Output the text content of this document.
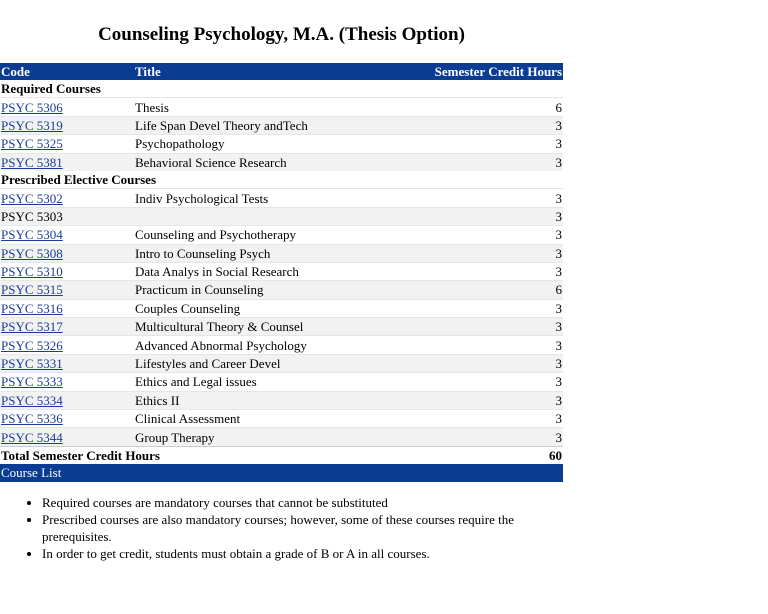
Counseling Psychology, M.A. (Thesis Option)
Code	Title	Semester Credit Hours
Required Courses		
PSYC 5306	Thesis	6
PSYC 5319	Life Span Devel Theory andTech	3
PSYC 5325	Psychopathology	3
PSYC 5381	Behavioral Science Research	3
Prescribed Elective Courses		
PSYC 5302	Indiv Psychological Tests	3
PSYC 5303		3
PSYC 5304	Counseling and Psychotherapy	3
PSYC 5308	Intro to Counseling Psych	3
PSYC 5310	Data Analys in Social Research	3
PSYC 5315	Practicum in Counseling	6
PSYC 5316	Couples Counseling	3
PSYC 5317	Multicultural Theory & Counsel	3
PSYC 5326	Advanced Abnormal Psychology	3
PSYC 5331	Lifestyles and Career Devel	3
PSYC 5333	Ethics and Legal issues	3
PSYC 5334	Ethics II	3
PSYC 5336	Clinical Assessment	3
PSYC 5344	Group Therapy	3
Total Semester Credit Hours		60
Course List		
• Required courses are mandatory courses that cannot be substituted
• Prescribed courses are also mandatory courses; however, some of these courses require the prerequisites.
• In order to get credit, students must obtain a grade of B or A in all courses.
